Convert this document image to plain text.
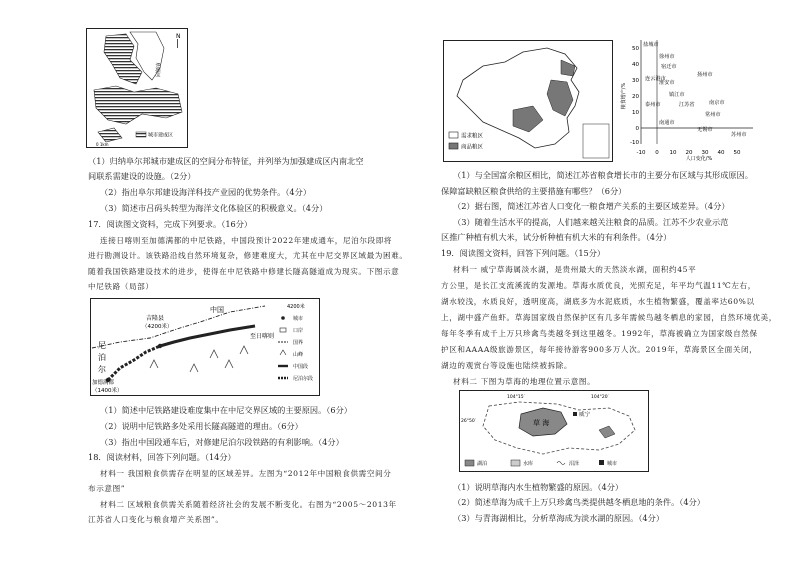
阜姆河
N
城市建成区
0 1km
（1）归纳阜尔邦城市建成区的空间分布特征，并列举为加强建成区内南北空
间联系需建设的设施。（2分）
（2）指出阜尔邦建设海洋科技产业园的优势条件。（4分）
（3）简述市吕码头转型为海洋文化体验区的积极意义。（4分）
17．阅读图文资料，完成下列要求。（16分）
连接日喀则至加德满都的中尼铁路，中国段预计2022年建成通车，尼泊尔段即将
进行勘测设计。该铁路沿线自然环境复杂，修建难度大，尤其在中尼交界区域最为困难。
随着我国铁路建设技术的进步，使得在中尼铁路中修建长隧高隧道成为现实。下图示意
中尼铁路（局部）
吉隆县
（4200米）
中国
至日喀则
尼
泊
尔
加德满都
（1400米）
4200米
城市
口岸
国界
山峰
中国段
尼泊尔段
（1）简述中尼铁路建设难度集中在中尼交界区域的主要原因。（6分）
（2）说明中尼铁路多处采用长隧高隧道的理由。（6分）
（3）指出中国段通车后，对修建尼泊尔段铁路的有利影响。（4分）
18．阅读材料，回答下列问题。（14分）
材料一 我国粮食供需存在明显的区域差异。左图为“2012年中国粮食供需空间分
布示意图”
材料二 区域粮食供需关系随着经济社会的发展不断变化。右图为“2005～2013年
江苏省人口变化与粮食增产关系图”。
需求粮区
商品粮区
50
40
30
20
10
0
-10
-10 0 10 20 30 40 50
人口变化/%
粮食增产/%
盐城市
徐州市
宿迁市
连云港市
淮安市
扬州市
镇江市
泰州市	江苏省	南京市
常州市
南通市
无锡市
苏州市
（1）与全国富余粮区相比，简述江苏省粮食增长市的主要分布区域与其形成原因。
保障富缺粮区粮食供给的主要措施有哪些？（6分）
（2）据右图，简述江苏省人口变化一粮食增产关系的主要区域差异。（4分）
（3）随着生活水平的提高，人们越来越关注粮食的品质。江苏不少农业示范
区推广种植有机大米，试分析种植有机大米的有利条件。（4分）
19．阅读图文资料，回答下列问题。（15分）
材料一 威宁草海属淡水湖，是贵州最大的天然淡水湖，面积约45平
方公里，是长江支流溪流的发源地。草海水质优良，光照充足，年平均气温11℃左右，
湖水较浅，水质良好，透明度高，湖底多为水泥底质，水生植物繁盛，覆盖率达60%以
上，湖中盛产鱼虾。草海国家级自然保护区有几多年需候鸟越冬栖息的家园，自然环境优美，
每年冬季有成千上万只珍禽鸟类越冬到这里越冬。1992年，草海被确立为国家级自然保
护区和AAAA级旅游景区，每年接待游客900多万人次。2019年，草海景区全面关闭，
湖边的观赏台等设施也陆续被拆除。
材料二 下图为草海的地理位置示意图。
104°15′	104°20′
26°50′	草 海
威宁
湖泊	水库	沼泽	城市
（1）说明草海内水生植物繁盛的原因。（4分）
（2）简述草海为成千上万只珍禽鸟类提供越冬栖息地的条件。（4分）
（3）与青海湖相比，分析草海成为淡水湖的原因。（4分）
